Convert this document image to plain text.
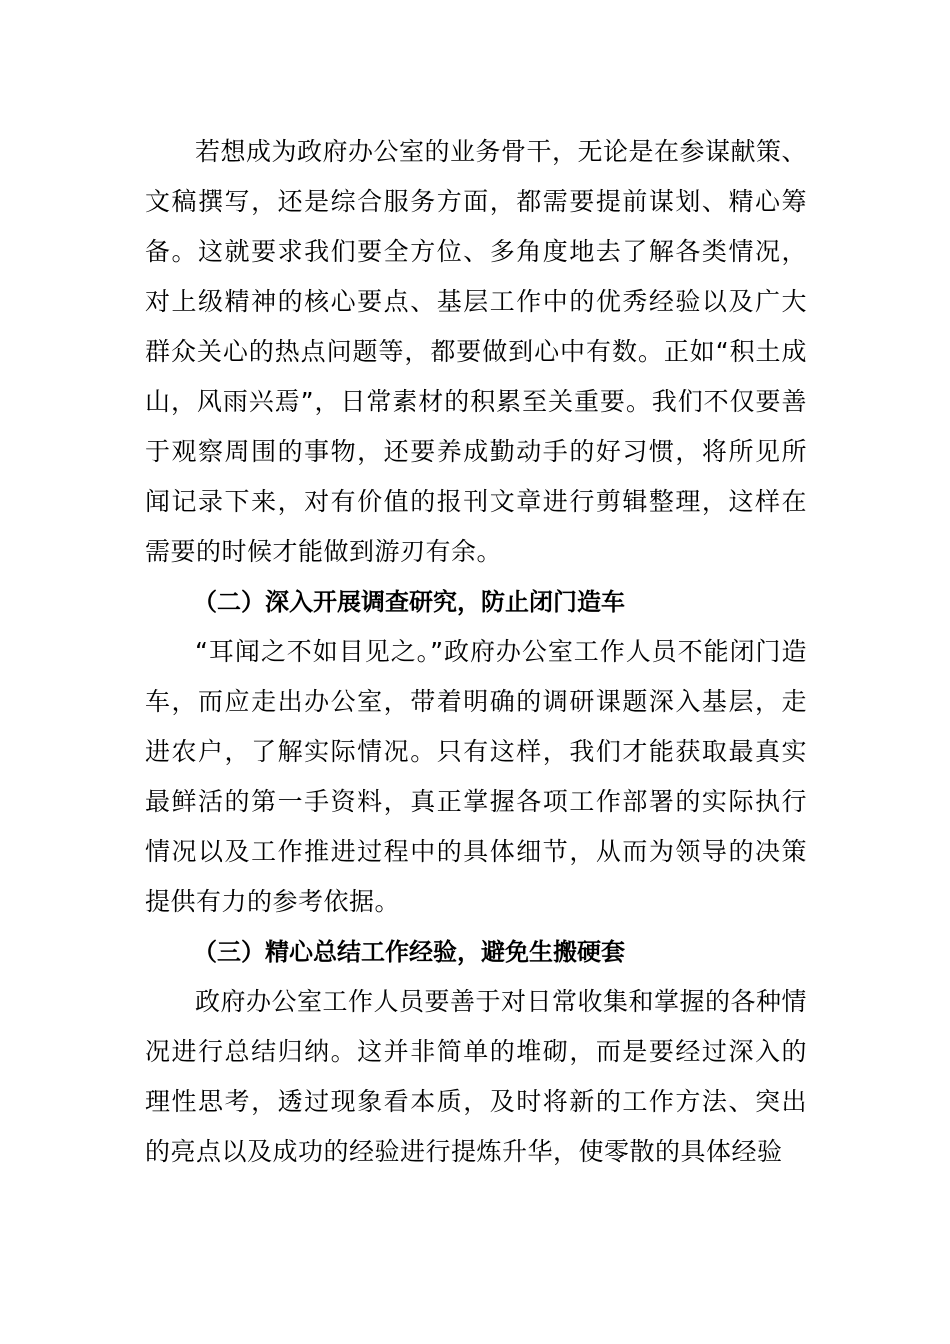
若想成为政府办公室的业务骨干，无论是在参谋献策、文稿撰写，还是综合服务方面，都需要提前谋划、精心筹备。这就要求我们要全方位、多角度地去了解各类情况，对上级精神的核心要点、基层工作中的优秀经验以及广大群众关心的热点问题等，都要做到心中有数。正如“积土成山，风雨兴焉”，日常素材的积累至关重要。我们不仅要善于观察周围的事物，还要养成勤动手的好习惯，将所见所闻记录下来，对有价值的报刊文章进行剪辑整理，这样在需要的时候才能做到游刃有余。

（二）深入开展调查研究，防止闭门造车

“耳闻之不如目见之。”政府办公室工作人员不能闭门造车，而应走出办公室，带着明确的调研课题深入基层，走进农户，了解实际情况。只有这样，我们才能获取最真实最鲜活的第一手资料，真正掌握各项工作部署的实际执行情况以及工作推进过程中的具体细节，从而为领导的决策提供有力的参考依据。

（三）精心总结工作经验，避免生搬硬套

政府办公室工作人员要善于对日常收集和掌握的各种情况进行总结归纳。这并非简单的堆砌，而是要经过深入的理性思考，透过现象看本质，及时将新的工作方法、突出的亮点以及成功的经验进行提炼升华，使零散的具体经验
